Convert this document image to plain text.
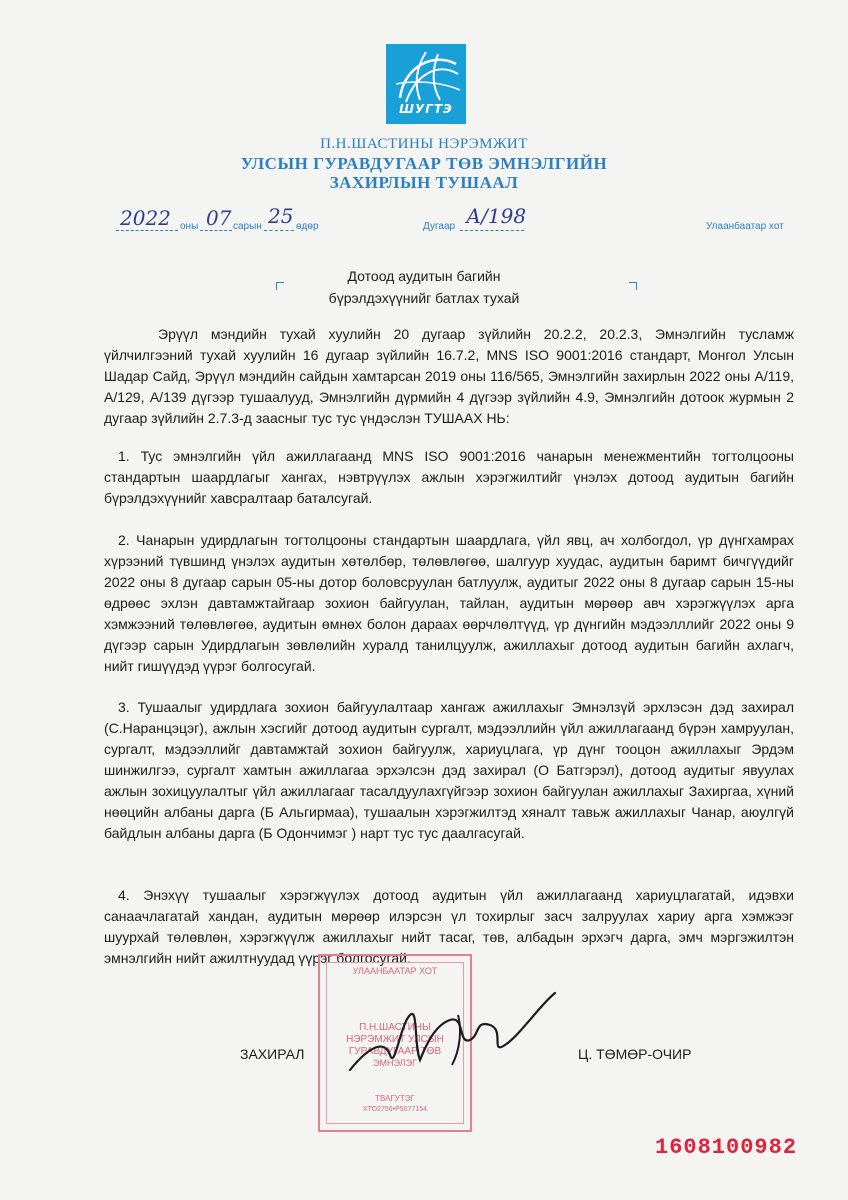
ШУГТЭ
П.Н.ШАСТИНЫ НЭРЭМЖИТ
УЛСЫН ГУРАВДУГААР ТӨВ ЭМНЭЛГИЙН
ЗАХИРЛЫН ТУШААЛ
2022 оны 07 сарын 25 өдөр	Дугаар А/198	Улаанбаатар хот
Дотоод аудитын багийн
бүрэлдэхүүнийг батлах тухай
Эрүүл мэндийн тухай хуулийн 20 дугаар зүйлийн 20.2.2, 20.2.3, Эмнэлгийн тусламж үйлчилгээний тухай хуулийн 16 дугаар зүйлийн 16.7.2, MNS ISO 9001:2016 стандарт, Монгол Улсын Шадар Сайд, Эрүүл мэндийн сайдын хамтарсан 2019 оны 116/565, Эмнэлгийн захирлын 2022 оны А/119, А/129, А/139 дүгээр тушаалууд, Эмнэлгийн дүрмийн 4 дүгээр зүйлийн 4.9, Эмнэлгийн дотоок журмын 2 дугаар зүйлийн 2.7.3-д заасныг тус тус үндэслэн ТУШААХ НЬ:
1. Тус эмнэлгийн үйл ажиллагаанд MNS ISO 9001:2016 чанарын менежментийн тогтолцооны стандартын шаардлагыг хангах, нэвтрүүлэх ажлын хэрэгжилтийг үнэлэх дотоод аудитын багийн бүрэлдэхүүнийг хавсралтаар баталсугай.
2. Чанарын удирдлагын тогтолцооны стандартын шаардлага, үйл явц, ач холбогдол, үр дүнгхамрах хүрээний түвшинд үнэлэх аудитын хөтөлбөр, төлөвлөгөө, шалгуур хуудас, аудитын баримт бичгүүдийг 2022 оны 8 дугаар сарын 05-ны дотор боловсруулан батлуулж, аудитыг 2022 оны 8 дугаар сарын 15-ны өдрөөс эхлэн давтамжтайгаар зохион байгуулан, тайлан, аудитын мөрөөр авч хэрэгжүүлэх арга хэмжээний төлөвлөгөө, аудитын өмнөх болон дараах өөрчлөлтүүд, үр дүнгийн мэдээлллийг 2022 оны 9 дүгээр сарын Удирдлагын зөвлөлийн хуралд танилцуулж, ажиллахыг дотоод аудитын багийн ахлагч, нийт гишүүдэд үүрэг болгосугай.
3. Тушаалыг удирдлага зохион байгуулалтаар хангаж ажиллахыг Эмнэлзүй эрхлэсэн дэд захирал (С.Наранцэцэг), ажлын хэсгийг дотоод аудитын сургалт, мэдээллийн үйл ажиллагаанд бүрэн хамруулан, сургалт, мэдээллийг давтамжтай зохион байгуулж, хариуцлага, үр дүнг тооцон ажиллахыг Эрдэм шинжилгээ, сургалт хамтын ажиллагаа эрхэлсэн дэд захирал (О Батгэрэл), дотоод аудитыг явуулах ажлын зохицуулалтыг үйл ажиллагааг тасалдуулахгүйгээр зохион байгуулан ажиллахыг Захиргаа, хүний нөөцийн албаны дарга (Б Альгирмаа), тушаалын хэрэгжилтэд хяналт тавьж ажиллахыг Чанар, аюулгүй байдлын албаны дарга (Б Одончимэг ) нарт тус тус даалгасугай.
4. Энэхүү тушаалыг хэрэгжүүлэх дотоод аудитын үйл ажиллагаанд хариуцлагатай, идэвхи санаачлагатай хандан, аудитын мөрөөр илэрсэн үл тохирлыг засч залруулах хариу арга хэмжээг шуурхай төлөвлөн, хэрэгжүүлж ажиллахыг нийт тасаг, төв, албадын эрхэгч дарга, эмч мэргэжилтэн эмнэлгийн нийт ажилтнуудад үүрэг болгосугай.
УЛААНБААТАР ХОТ
П.Н.ШАСТИНЫ
НЭРЭМЖИТ УЛСЫН
ГУРАВДУГААР ТӨВ
ЭМНЭЛЭГ
ТВАГУТЭГ
ХТО2756•Р5077154
ЗАХИРАЛ	Ц. ТӨМӨР-ОЧИР
1608100982
